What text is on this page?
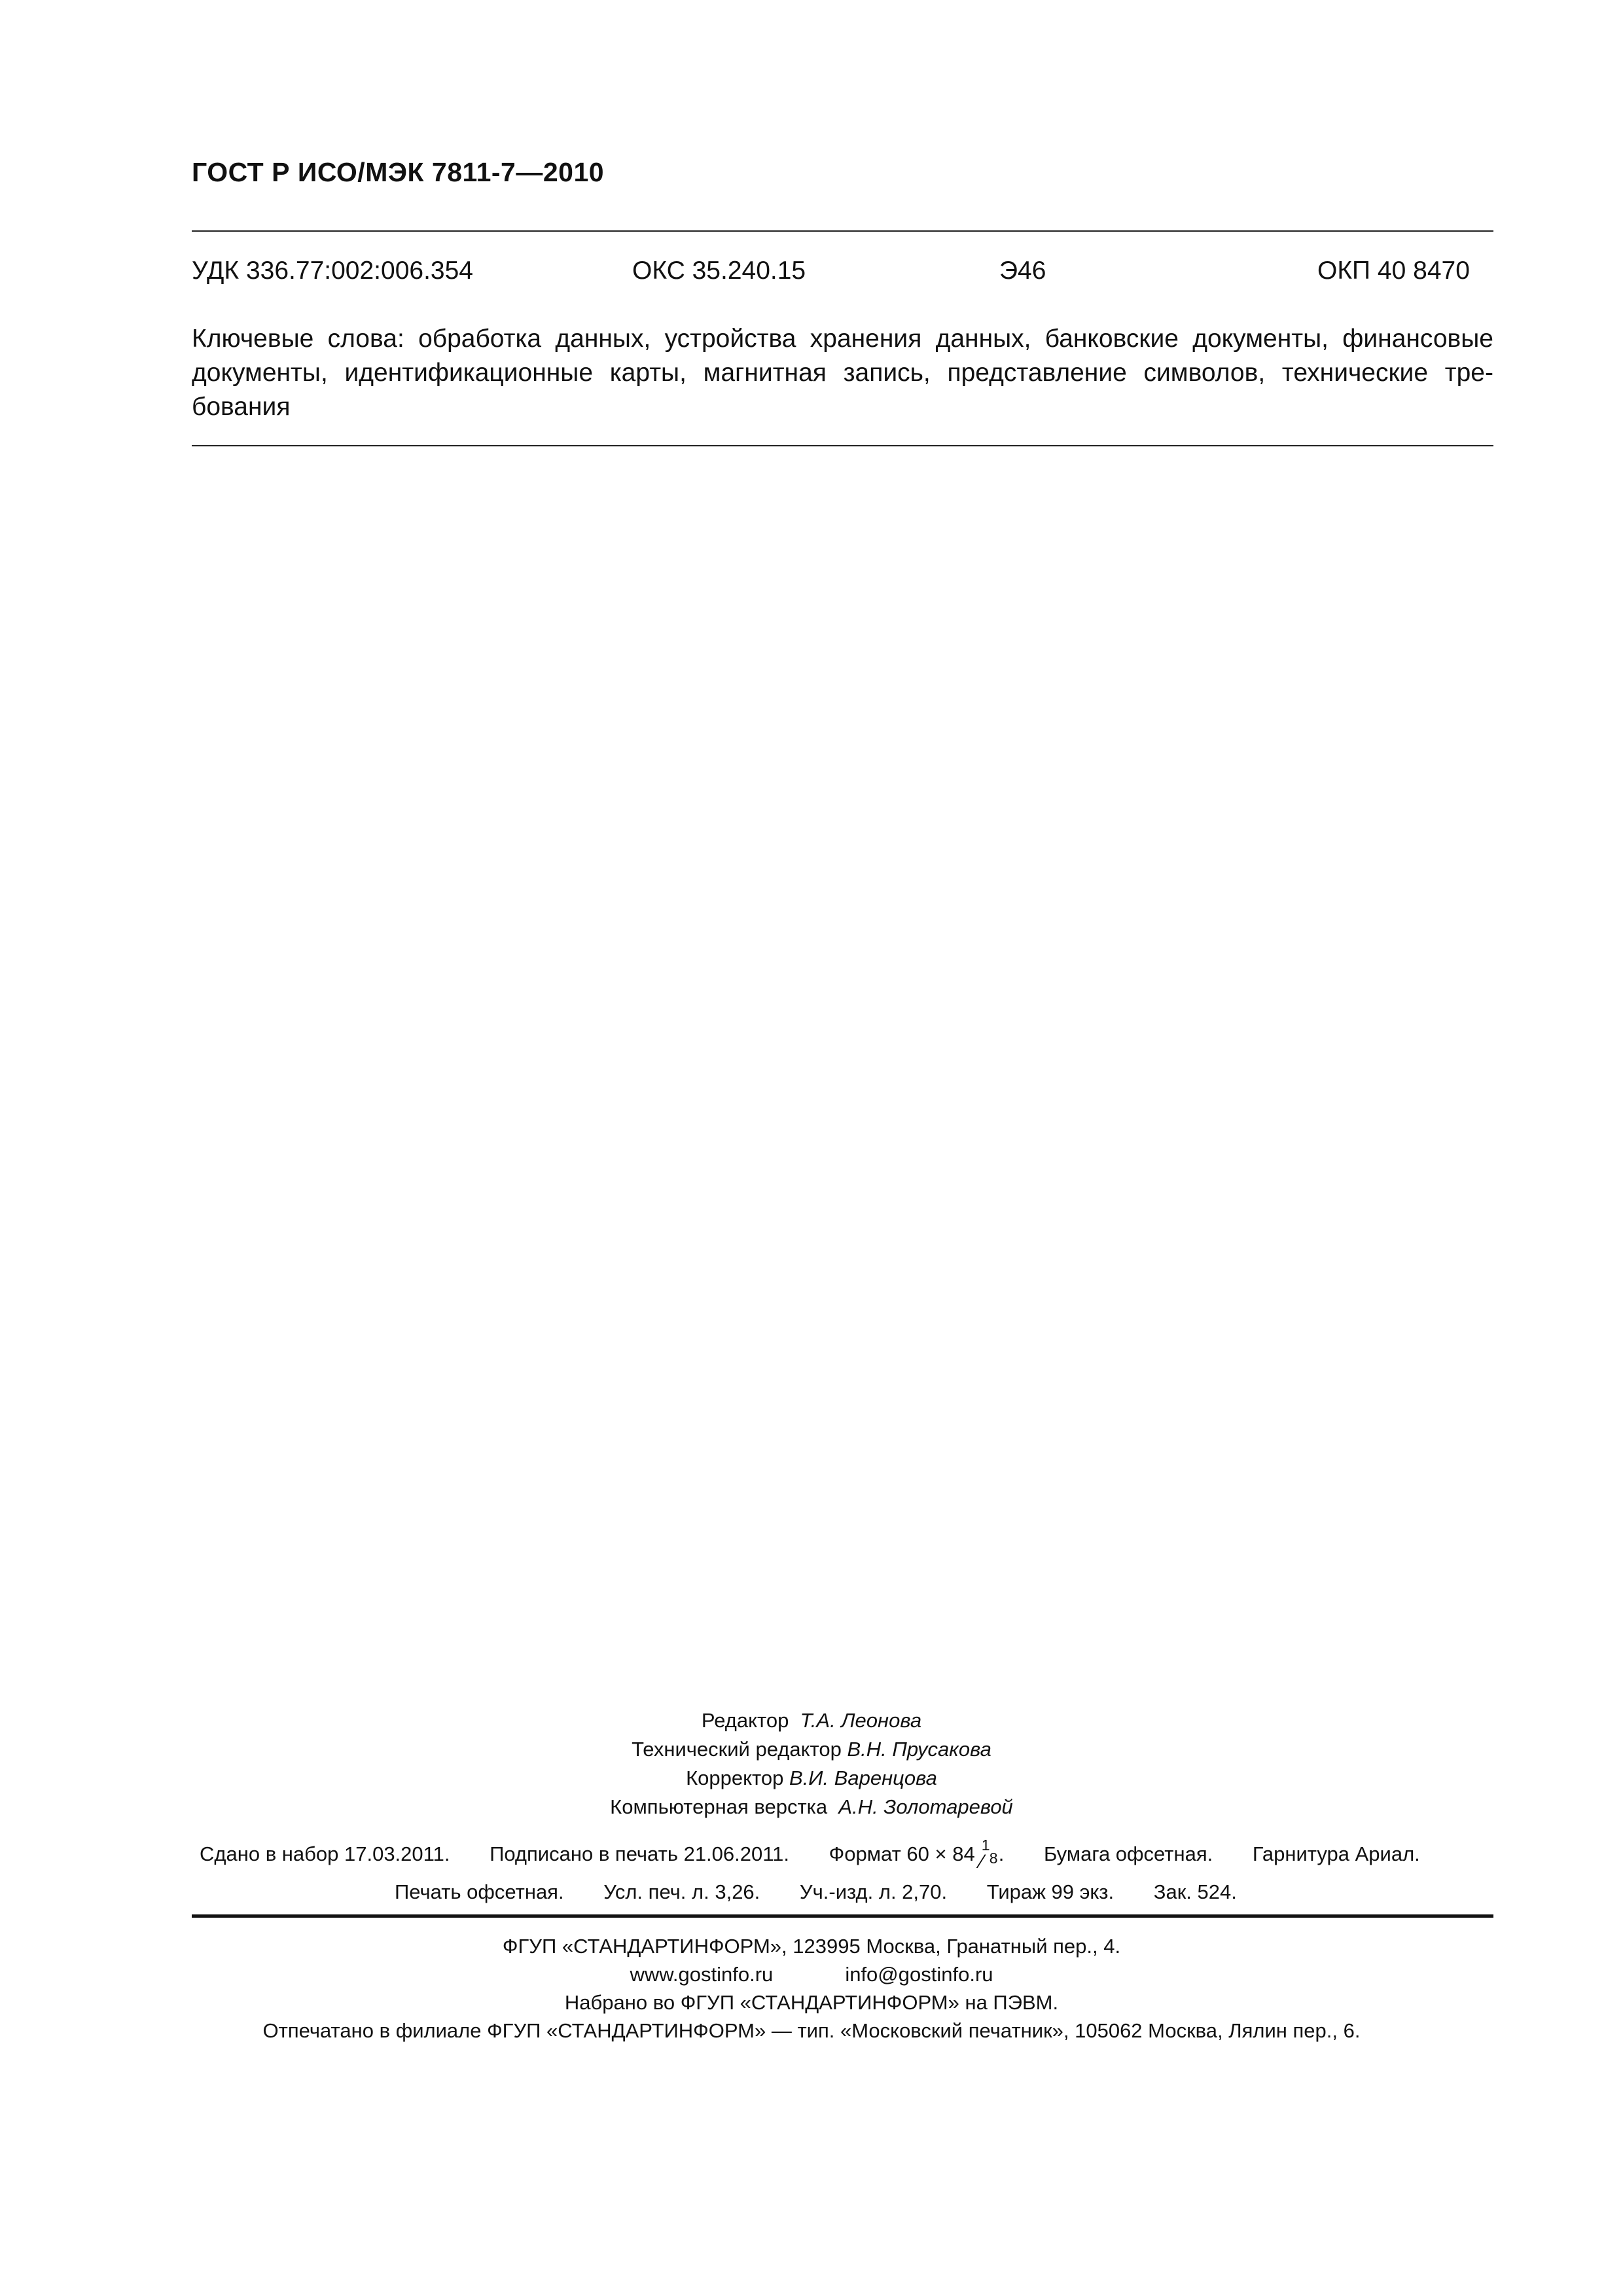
ГОСТ Р ИСО/МЭК 7811-7—2010
УДК 336.77:002:006.354	ОКС 35.240.15	Э46	ОКП 40 8470
Ключевые слова: обработка данных, устройства хранения данных, банковские документы, финансовые документы, идентификационные карты, магнитная запись, представление символов, технические тре-бования
Редактор Т.А. Леонова
Технический редактор В.Н. Прусакова
Корректор В.И. Варенцова
Компьютерная верстка А.Н. Золотаревой
Сдано в набор 17.03.2011. Подписано в печать 21.06.2011. Формат 60 × 84 1
⁄ 8 . Бумага офсетная. Гарнитура Ариал.
Печать офсетная. Усл. печ. л. 3,26. Уч.-изд. л. 2,70. Тираж 99 экз. Зак. 524.
ФГУП «СТАНДАРТИНФОРМ», 123995 Москва, Гранатный пер., 4.
www.gostinfo.ru	info@gostinfo.ru
Набрано во ФГУП «СТАНДАРТИНФОРМ» на ПЭВМ.
Отпечатано в филиале ФГУП «СТАНДАРТИНФОРМ» — тип. «Московский печатник», 105062 Москва, Лялин пер., 6.
